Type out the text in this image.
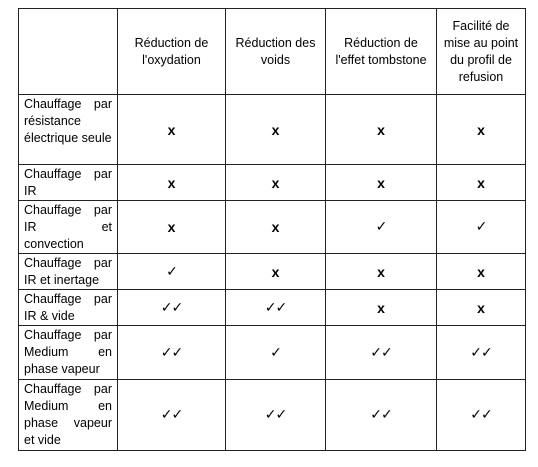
	Réduction de l'oxydation	Réduction des voids	Réduction de l'effet tombstone	Facilité de mise au point du profil de refusion

Chauffage par résistance électrique seule	x	x	x	x
Chauffage par IR	x	x	x	x
Chauffage par IR et convection	x	x	✓	✓
Chauffage par IR et inertage	✓	x	x	x
Chauffage par IR & vide	✓✓	✓✓	x	x
Chauffage par Medium en phase vapeur	✓✓	✓	✓✓	✓✓
Chauffage par Medium en phase vapeur et vide	✓✓	✓✓	✓✓	✓✓
